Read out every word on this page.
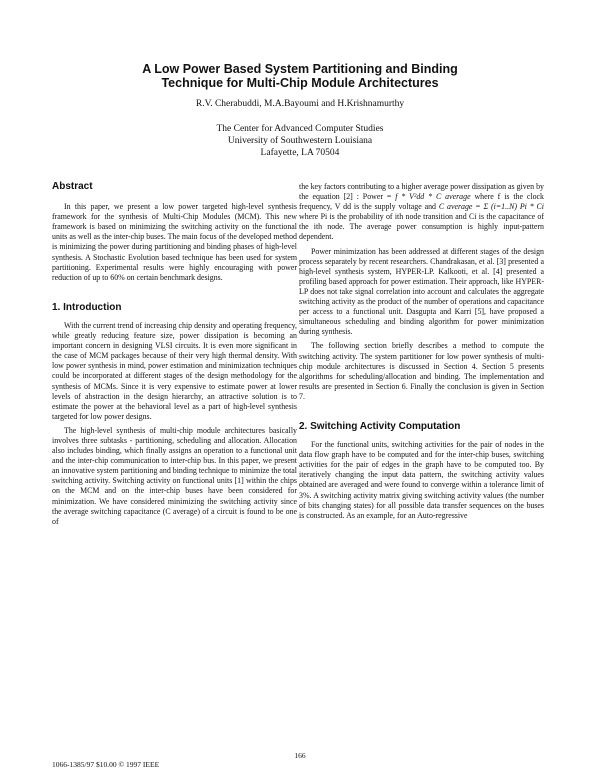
A Low Power Based System Partitioning and Binding
Technique for Multi-Chip Module Architectures
R.V. Cherabuddi, M.A.Bayoumi and H.Krishnamurthy
The Center for Advanced Computer Studies
University of Southwestern Louisiana
Lafayette, LA 70504
Abstract

In this paper, we present a low power targeted high-level synthesis framework for the synthesis of Multi-Chip Modules (MCM). This new framework is based on minimizing the switching activity on the functional units as well as the inter-chip buses. The main focus of the developed method is minimizing the power during partitioning and binding phases of high-level synthesis. A Stochastic Evolution based technique has been used for system partitioning. Experimental results were highly encouraging with power reduction of up to 60% on certain benchmark designs.

1. Introduction

With the current trend of increasing chip density and operating frequency, while greatly reducing feature size, power dissipation is becoming an important concern in designing VLSI circuits. It is even more significant in the case of MCM packages because of their very high thermal density. With low power synthesis in mind, power estimation and minimization techniques could be incorporated at different stages of the design methodology for the synthesis of MCMs. Since it is very expensive to estimate power at lower levels of abstraction in the design hierarchy, an attractive solution is to estimate the power at the behavioral level as a part of high-level synthesis targeted for low power designs.

The high-level synthesis of multi-chip module architectures basically involves three subtasks - partitioning, scheduling and allocation. Allocation also includes binding, which finally assigns an operation to a functional unit and the inter-chip communication to inter-chip bus. In this paper, we present an innovative system partitioning and binding technique to minimize the total switching activity. Switching activity on functional units [1] within the chips on the MCM and on the inter-chip buses have been considered for minimization. We have considered minimizing the switching activity since the average switching capacitance (C average) of a circuit is found to be one of

the key factors contributing to a higher average power dissipation as given by the equation [2] : Power = f * V²dd * C average where f is the clock frequency, V dd is the supply voltage and C average = Σ (i=1..N) Pi * Ci where Pi is the probability of ith node transition and Ci is the capacitance of the ith node. The average power consumption is highly input-pattern dependent.

Power minimization has been addressed at different stages of the design process separately by recent researchers. Chandrakasan, et al. [3] presented a high-level synthesis system, HYPER-LP. Kalkooti, et al. [4] presented a profiling based approach for power estimation. Their approach, like HYPER-LP does not take signal correlation into account and calculates the aggregate switching activity as the product of the number of operations and capacitance per access to a functional unit. Dasgupta and Karri [5], have proposed a simultaneous scheduling and binding algorithm for power minimization during synthesis.

The following section briefly describes a method to compute the switching activity. The system partitioner for low power synthesis of multi-chip module architectures is discussed in Section 4. Section 5 presents algorithms for scheduling/allocation and binding. The implementation and results are presented in Section 6. Finally the conclusion is given in Section 7.

2. Switching Activity Computation

For the functional units, switching activities for the pair of nodes in the data flow graph have to be computed and for the inter-chip buses, switching activities for the pair of edges in the graph have to be computed too. By iteratively changing the input data pattern, the switching activity values obtained are averaged and were found to converge within a tolerance limit of 3%. A switching activity matrix giving switching activity values (the number of bits changing states) for all possible data transfer sequences on the buses is constructed. As an example, for an Auto-regressive

166
1066-1385/97 $10.00 © 1997 IEEE
